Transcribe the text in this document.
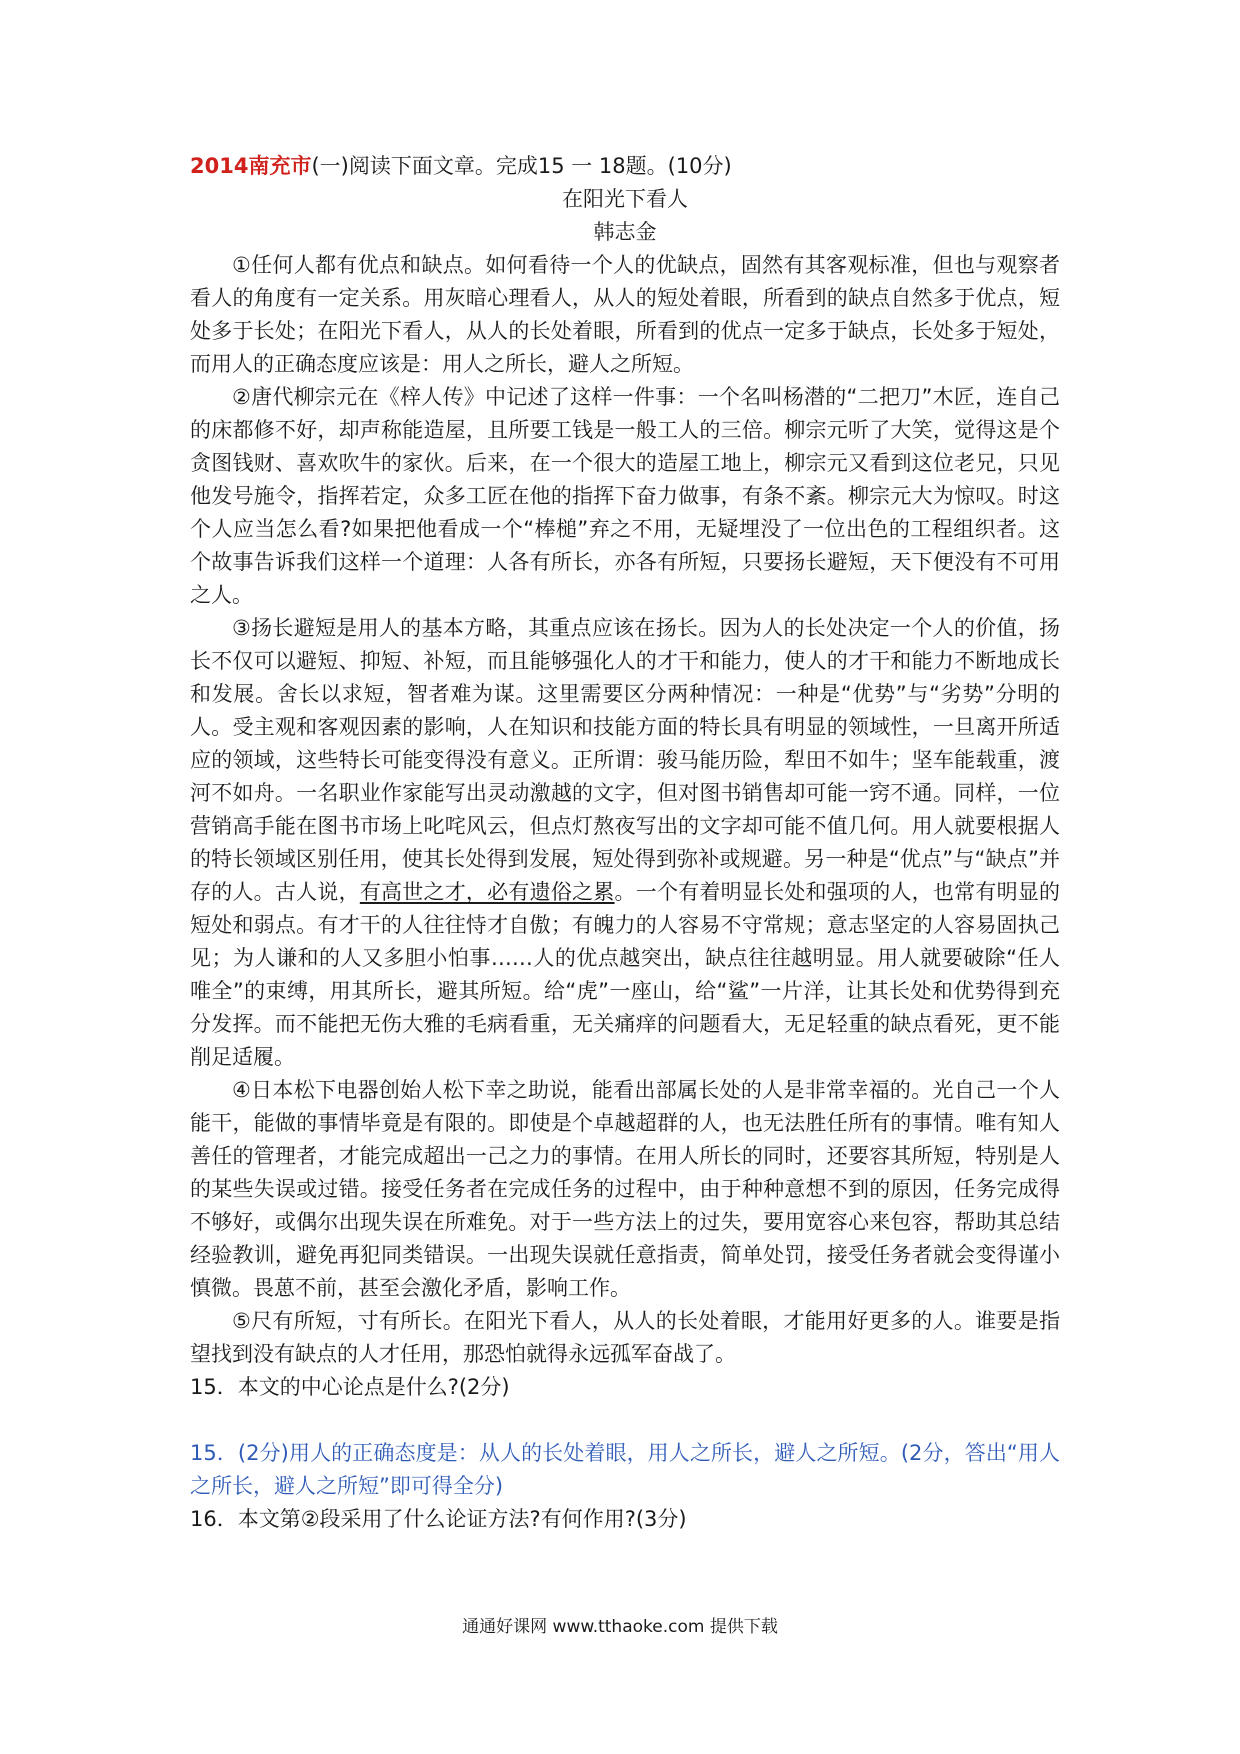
2014南充市(一)阅读下面文章。完成15 一 18题。(10分)
在阳光下看人
韩志金

①任何人都有优点和缺点。如何看待一个人的优缺点，固然有其客观标准，但也与观察者看人的角度有一定关系。用灰暗心理看人，从人的短处着眼，所看到的缺点自然多于优点，短处多于长处；在阳光下看人，从人的长处着眼，所看到的优点一定多于缺点，长处多于短处，而用人的正确态度应该是：用人之所长，避人之所短。

②唐代柳宗元在《梓人传》中记述了这样一件事：一个名叫杨潜的“二把刀”木匠，连自己的床都修不好，却声称能造屋，且所要工钱是一般工人的三倍。柳宗元听了大笑，觉得这是个贪图钱财、喜欢吹牛的家伙。后来，在一个很大的造屋工地上，柳宗元又看到这位老兄，只见他发号施令，指挥若定，众多工匠在他的指挥下奋力做事，有条不紊。柳宗元大为惊叹。时这个人应当怎么看?如果把他看成一个“棒槌”弃之不用，无疑埋没了一位出色的工程组织者。这个故事告诉我们这样一个道理：人各有所长，亦各有所短，只要扬长避短，天下便没有不可用之人。

③扬长避短是用人的基本方略，其重点应该在扬长。因为人的长处决定一个人的价值，扬长不仅可以避短、抑短、补短，而且能够强化人的才干和能力，使人的才干和能力不断地成长和发展。舍长以求短，智者难为谋。这里需要区分两种情况：一种是“优势”与“劣势”分明的人。受主观和客观因素的影响，人在知识和技能方面的特长具有明显的领域性，一旦离开所适应的领域，这些特长可能变得没有意义。正所谓：骏马能历险，犁田不如牛；坚车能载重，渡河不如舟。一名职业作家能写出灵动激越的文字，但对图书销售却可能一窍不通。同样，一位营销高手能在图书市场上叱咤风云，但点灯熬夜写出的文字却可能不值几何。用人就要根据人的特长领域区别任用，使其长处得到发展，短处得到弥补或规避。另一种是“优点”与“缺点”并存的人。古人说，有高世之才，必有遗俗之累。一个有着明显长处和强项的人，也常有明显的短处和弱点。有才干的人往往恃才自傲；有魄力的人容易不守常规；意志坚定的人容易固执己见；为人谦和的人又多胆小怕事……人的优点越突出，缺点往往越明显。用人就要破除“任人唯全”的束缚，用其所长，避其所短。给“虎”一座山，给“鲨”一片洋，让其长处和优势得到充分发挥。而不能把无伤大雅的毛病看重，无关痛痒的问题看大，无足轻重的缺点看死，更不能削足适履。

④日本松下电器创始人松下幸之助说，能看出部属长处的人是非常幸福的。光自己一个人能干，能做的事情毕竟是有限的。即使是个卓越超群的人，也无法胜任所有的事情。唯有知人善任的管理者，才能完成超出一己之力的事情。在用人所长的同时，还要容其所短，特别是人的某些失误或过错。接受任务者在完成任务的过程中，由于种种意想不到的原因，任务完成得不够好，或偶尔出现失误在所难免。对于一些方法上的过失，要用宽容心来包容，帮助其总结经验教训，避免再犯同类错误。一出现失误就任意指责，简单处罚，接受任务者就会变得谨小慎微。畏葸不前，甚至会激化矛盾，影响工作。

⑤尺有所短，寸有所长。在阳光下看人，从人的长处着眼，才能用好更多的人。谁要是指望找到没有缺点的人才任用，那恐怕就得永远孤军奋战了。

15．本文的中心论点是什么?(2分)

15．(2分)用人的正确态度是：从人的长处着眼，用人之所长，避人之所短。(2分，答出“用人之所长，避人之所短”即可得全分)

16．本文第②段采用了什么论证方法?有何作用?(3分)

通通好课网 www.tthaoke.com 提供下载
